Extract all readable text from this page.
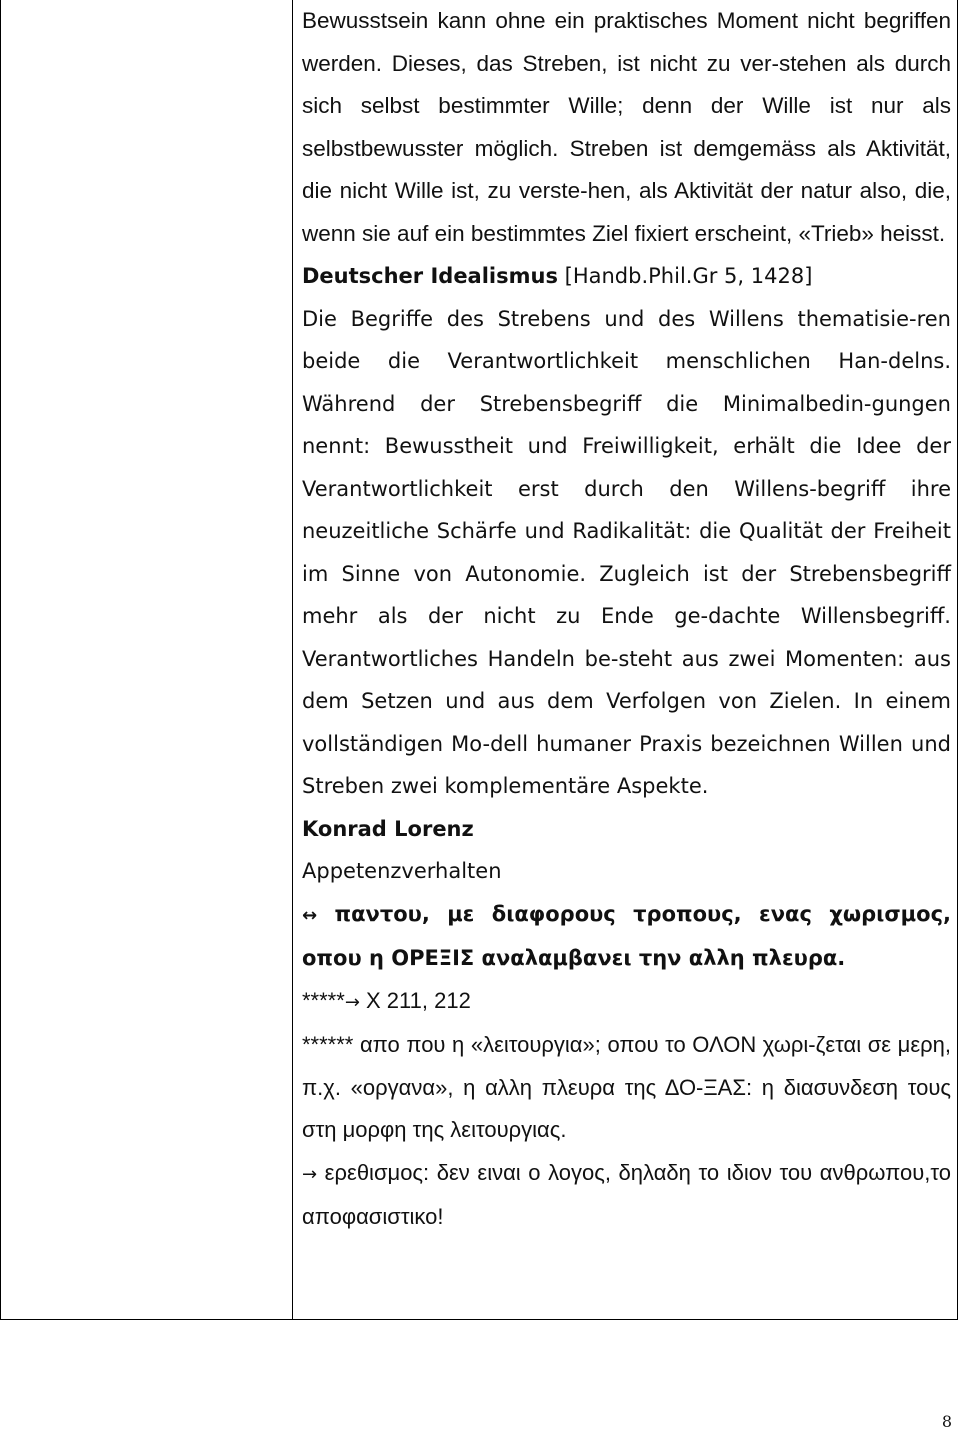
Bewusstsein kann ohne ein praktisches Moment nicht begriffen werden. Dieses, das Streben, ist nicht zu ver-stehen als durch sich selbst bestimmter Wille; denn der Wille ist nur als selbstbewusster möglich. Streben ist demgemäss als Aktivität, die nicht Wille ist, zu verste-hen, als Aktivität der natur also, die, wenn sie auf ein bestimmtes Ziel fixiert erscheint, «Trieb» heisst.

Deutscher Idealismus [Handb.Phil.Gr 5, 1428]

Die Begriffe des Strebens und des Willens thematisie-ren beide die Verantwortlichkeit menschlichen Han-delns. Während der Strebensbegriff die Minimalbedin-gungen nennt: Bewusstheit und Freiwilligkeit, erhält die Idee der Verantwortlichkeit erst durch den Willens-begriff ihre neuzeitliche Schärfe und Radikalität: die Qualität der Freiheit im Sinne von Autonomie. Zugleich ist der Strebensbegriff mehr als der nicht zu Ende ge-dachte Willensbegriff. Verantwortliches Handeln be-steht aus zwei Momenten: aus dem Setzen und aus dem Verfolgen von Zielen. In einem vollständigen Mo-dell humaner Praxis bezeichnen Willen und Streben zwei komplementäre Aspekte.

Konrad Lorenz

Appetenzverhalten

↔ παντου, με διαφορους τροπους, ενας χωρισμος, οπου η ΟΡΕΞΙΣ αναλαμβανει την αλλη πλευρα.

*****→ X 211, 212

****** απο που η «λειτουργια»; οπου το ΟΛΟΝ χωρι-ζεται σε μερη, π.χ. «οργανα», η αλλη πλευρα της ΔΟ-ΞΑΣ: η διασυνδεση τους στη μορφη της λειτουργιας.

→ ερεθισμος: δεν ειναι ο λογος, δηλαδη το ιδιον του ανθρωπου,το αποφασιστικο!

8
